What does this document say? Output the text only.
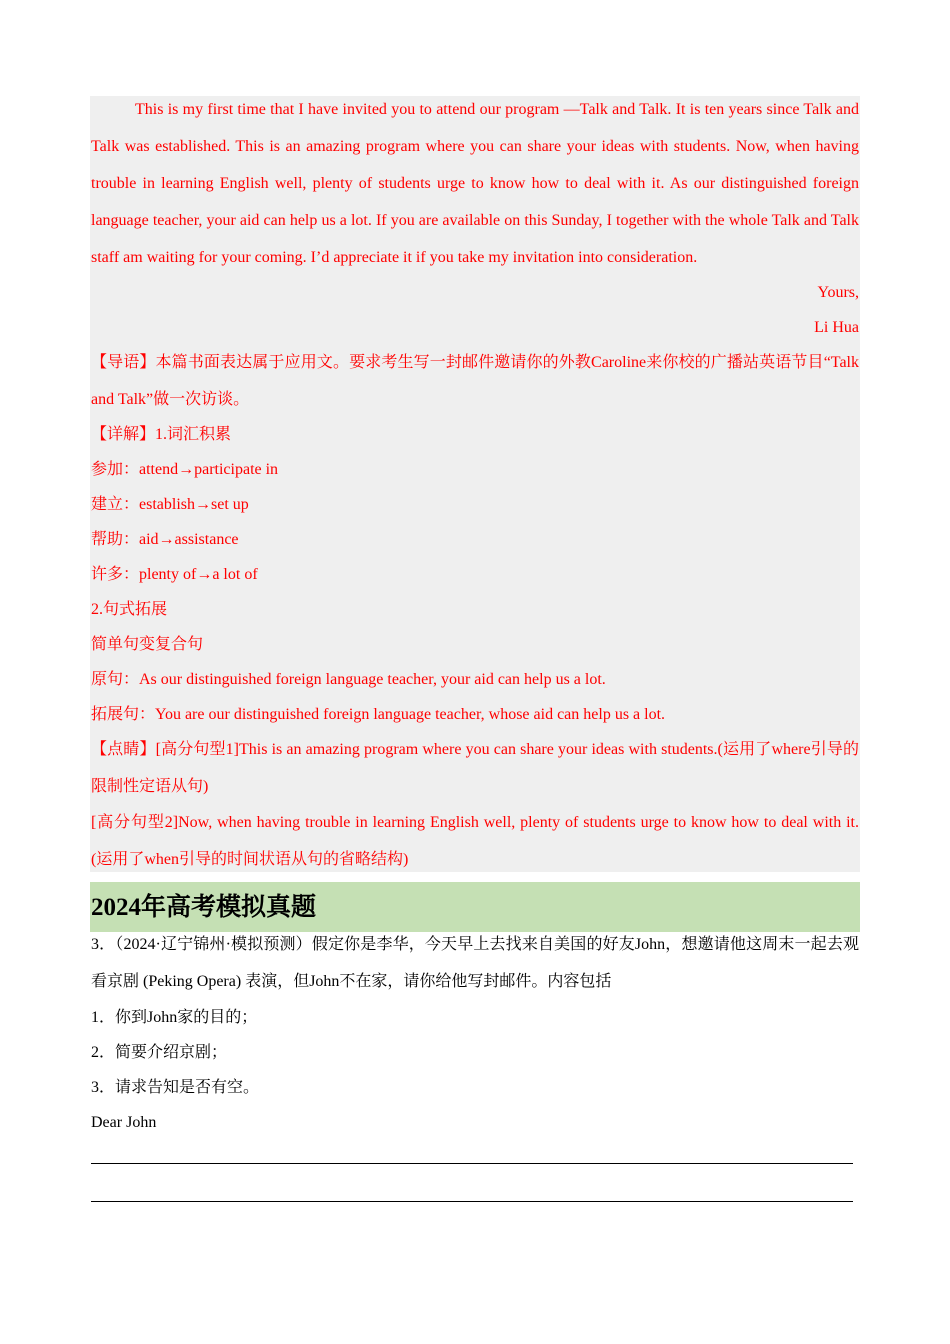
This is my first time that I have invited you to attend our program —Talk and Talk. It is ten years since Talk and Talk was established. This is an amazing program where you can share your ideas with students. Now, when having trouble in learning English well, plenty of students urge to know how to deal with it. As our distinguished foreign language teacher, your aid can help us a lot. If you are available on this Sunday, I together with the whole Talk and Talk staff am waiting for your coming. I’d appreciate it if you take my invitation into consideration.

Yours,

Li Hua

【导语】本篇书面表达属于应用文。要求考生写一封邮件邀请你的外教Caroline来你校的广播站英语节目“Talk and Talk”做一次访谈。

【详解】1.词汇积累

参加：attend→participate in

建立：establish→set up

帮助：aid→assistance

许多：plenty of→a lot of

2.句式拓展

简单句变复合句

原句：As our distinguished foreign language teacher, your aid can help us a lot.

拓展句：You are our distinguished foreign language teacher, whose aid can help us a lot.

【点睛】[高分句型1]This is an amazing program where you can share your ideas with students.(运用了where引导的限制性定语从句)

[高分句型2]Now, when having trouble in learning English well, plenty of students urge to know how to deal with it.(运用了when引导的时间状语从句的省略结构)

2024年高考模拟真题

3．（2024·辽宁锦州·模拟预测）假定你是李华，今天早上去找来自美国的好友John，想邀请他这周末一起去观看京剧 (Peking Opera) 表演，但John不在家，请你给他写封邮件。内容包括

1．你到John家的目的；

2．简要介绍京剧；

3．请求告知是否有空。

Dear John
